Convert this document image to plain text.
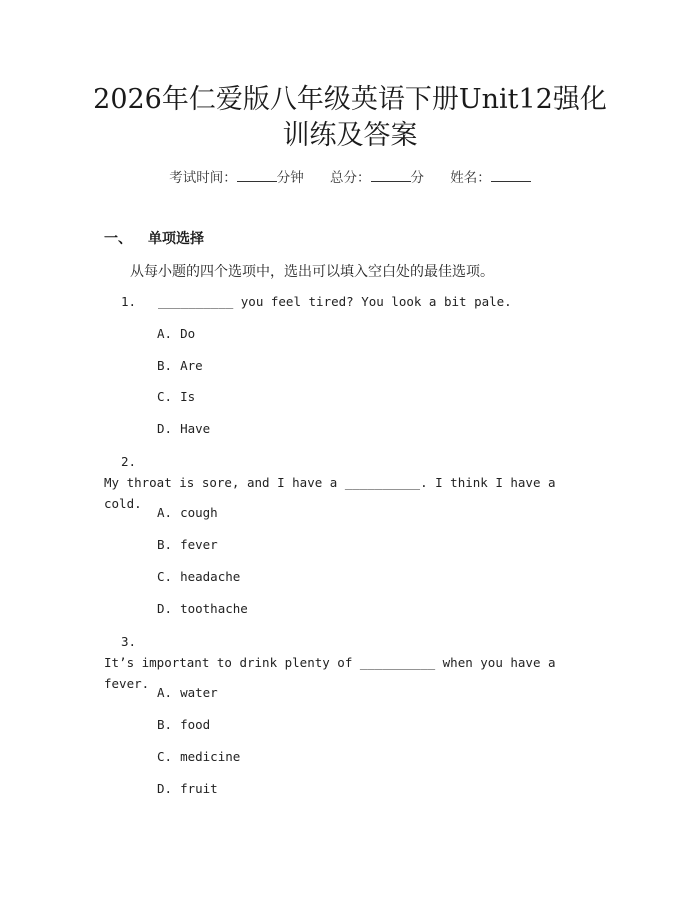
2026年仁爱版八年级英语下册Unit12强化
训练及答案
考试时间：	分钟 总分：	分 姓名：
一、 单项选择
从每小题的四个选项中，选出可以填入空白处的最佳选项。
1. __________ you feel tired? You look a bit pale.
A. Do
B. Are
C. Is
D. Have
2.My throat is sore, and I have a __________. I think I have a
cold.
A. cough
B. fever
C. headache
D. toothache
3.It’s important to drink plenty of __________ when you have a
fever.
A. water
B. food
C. medicine
D. fruit
